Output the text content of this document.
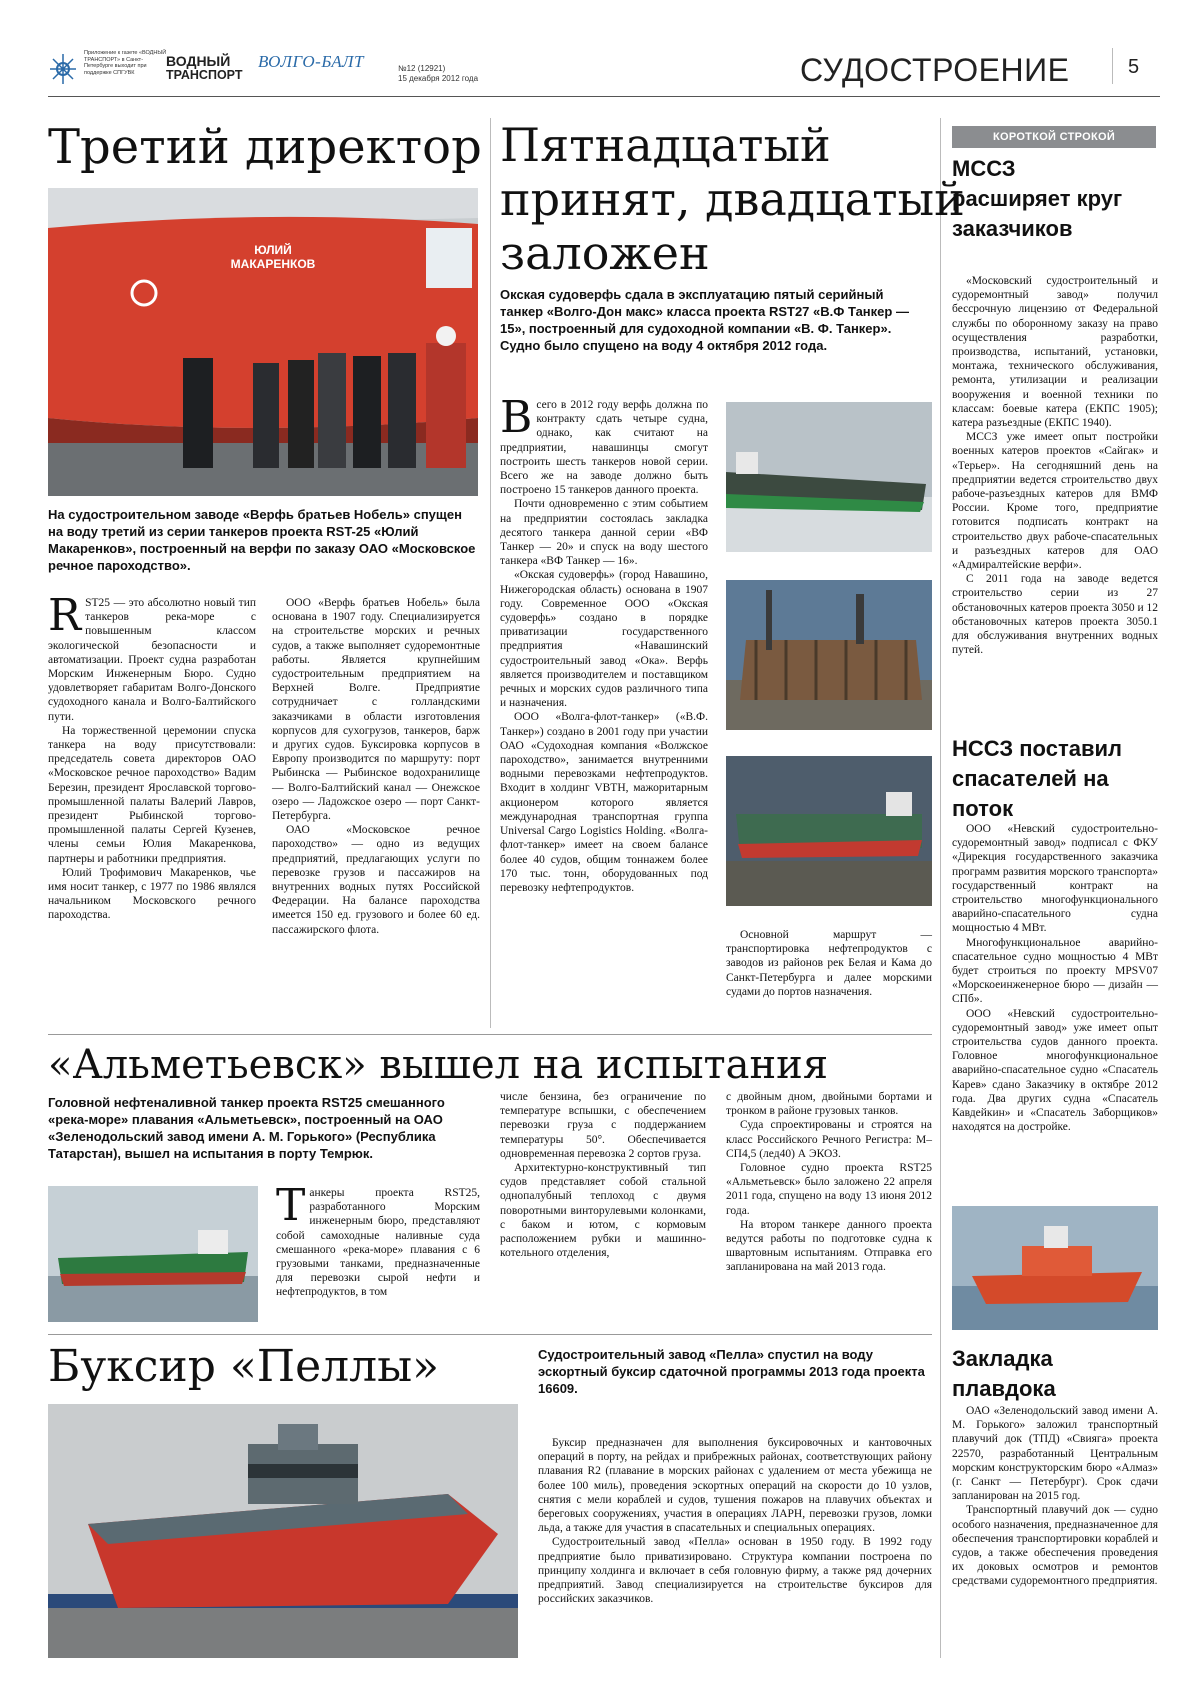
Приложение к газете «ВОДНЫЙ ТРАНСПОРТ» в Санкт-Петербурге выходит при поддержке СПГУВК
ВОДНЫЙ
ТРАНСПОРТ
ВОЛГО-БАЛТ	№12 (12921)
15 декабря 2012 года	СУДОСТРОЕНИЕ	5
Третий директор
ЮЛИЙ МАКАРЕНКОВ
На судостроительном заводе «Верфь братьев Нобель» спущен на воду третий из серии танкеров проекта RST-25 «Юлий Макаренков», построенный на верфи по заказу ОАО «Московское речное пароходство».

RST25 — это абсолютно новый тип танкеров река-море с повышенным классом экологической безопасности и автоматизации. Проект судна разработан Морским Инженерным Бюро. Судно удовлетворяет габаритам Волго-Донского судоходного канала и Волго-Балтийского пути.

На торжественной церемонии спуска танкера на воду присутствовали: председатель совета директоров ОАО «Московское речное пароходство» Вадим Березин, президент Ярославской торгово-промышленной палаты Валерий Лавров, президент Рыбинской торгово-промышленной палаты Сергей Кузенев, члены семьи Юлия Макаренкова, партнеры и работники предприятия.

Юлий Трофимович Макаренков, чье имя носит танкер, с 1977 по 1986 являлся начальником Московского речного пароходства.

ООО «Верфь братьев Нобель» была основана в 1907 году. Специализируется на строительстве морских и речных судов, а также выполняет судоремонтные работы. Является крупнейшим судостроительным предприятием на Верхней Волге. Предприятие сотрудничает с голландскими заказчиками в области изготовления корпусов для сухогрузов, танкеров, барж и других судов. Буксировка корпусов в Европу производится по маршруту: порт Рыбинска — Рыбинское водохранилище — Волго-Балтийский канал — Онежское озеро — Ладожское озеро — порт Санкт-Петербурга.

ОАО «Московское речное пароходство» — одно из ведущих предприятий, предлагающих услуги по перевозке грузов и пассажиров на внутренних водных путях Российской Федерации. На балансе пароходства имеется 150 ед. грузового и более 60 ед. пассажирского флота.

Пятнадцатый
принят, двадцатый
заложен
Окская судоверфь сдала в эксплуатацию пятый серийный танкер «Волго-Дон макс» класса проекта RST27 «В.Ф Танкер — 15», построенный для судоходной компании «В. Ф. Танкер». Судно было спущено на воду 4 октября 2012 года.

Всего в 2012 году верфь должна по контракту сдать четыре судна, однако, как считают на предприятии, навашинцы смогут построить шесть танкеров новой серии. Всего же на заводе должно быть построено 15 танкеров данного проекта.

Почти одновременно с этим событием на предприятии состоялась закладка десятого танкера данной серии «ВФ Танкер — 20» и спуск на воду шестого танкера «ВФ Танкер — 16».

«Окская судоверфь» (город Навашино, Нижегородская область) основана в 1907 году. Современное ООО «Окская судоверфь» создано в порядке приватизации государственного предприятия «Навашинский судостроительный завод «Ока». Верфь является производителем и поставщиком речных и морских судов различного типа и назначения.

ООО «Волга-флот-танкер» («В.Ф. Танкер») создано в 2001 году при участии ОАО «Судоходная компания «Волжское пароходство», занимается внутренними водными перевозками нефтепродуктов. Входит в холдинг VBTH, мажоритарным акционером которого является международная транспортная группа Universal Cargo Logistics Holding. «Волга-флот-танкер» имеет на своем балансе более 40 судов, общим тоннажем более 170 тыс. тонн, оборудованных под перевозку нефтепродуктов.

Основной маршрут — транспортировка нефтепродуктов с заводов из районов рек Белая и Кама до Санкт-Петербурга и далее морскими судами до портов назначения.

КОРОТКОЙ СТРОКОЙ
МССЗ расширяет круг заказчиков

«Московский судостроительный и судоремонтный завод» получил бессрочную лицензию от Федеральной службы по оборонному заказу на право осуществления разработки, производства, испытаний, установки, монтажа, технического обслуживания, ремонта, утилизации и реализации вооружения и военной техники по классам: боевые катера (ЕКПС 1905); катера разъездные (ЕКПС 1940).

МССЗ уже имеет опыт постройки военных катеров проектов «Сайгак» и «Терьер». На сегодняшний день на предприятии ведется строительство двух рабоче-разъездных катеров для ВМФ России. Кроме того, предприятие готовится подписать контракт на строительство двух рабоче-спасательных и разъездных катеров для ОАО «Адмиралтейские верфи».

С 2011 года на заводе ведется строительство серии из 27 обстановочных катеров проекта 3050 и 12 обстановочных катеров проекта 3050.1 для обслуживания внутренних водных путей.

НССЗ поставил спасателей на поток

ООО «Невский судостроительно-судоремонтный завод» подписал с ФКУ «Дирекция государственного заказчика программ развития морского транспорта» государственный контракт на строительство многофункционального аварийно-спасательного судна мощностью 4 МВт.

Многофункциональное аварийно-спасательное судно мощностью 4 МВт будет строиться по проекту MPSV07 «Морскоеинженерное бюро — дизайн — СПб».

ООО «Невский судостроительно-судоремонтный завод» уже имеет опыт строительства судов данного проекта. Головное многофункциональное аварийно-спасательное судно «Спасатель Карев» сдано Заказчику в октябре 2012 года. Два других судна «Спасатель Кавдейкин» и «Спасатель Заборщиков» находятся на достройке.

Закладка плавдока

ОАО «Зеленодольский завод имени А. М. Горького» заложил транспортный плавучий док (ТПД) «Свияга» проекта 22570, разработанный Центральным морским конструкторским бюро «Алмаз» (г. Санкт — Петербург). Срок сдачи запланирован на 2015 год.

Транспортный плавучий док — судно особого назначения, предназначенное для обеспечения транспортировки кораблей и судов, а также обеспечения проведения их доковых осмотров и ремонтов средствами судоремонтного предприятия.

«Альметьевск» вышел на испытания
Головной нефтеналивной танкер проекта RST25 смешанного «река-море» плавания «Альметьевск», построенный на ОАО «Зеленодольский завод имени А. М. Горького» (Республика Татарстан), вышел на испытания в порту Темрюк.

Танкеры проекта RST25, разработанного Морским инженерным бюро, представляют собой самоходные наливные суда смешанного «река-море» плавания с 6 грузовыми танками, предназначенные для перевозки сырой нефти и нефтепродуктов, в том

числе бензина, без ограничение по температуре вспышки, с обеспечением перевозки груза с поддержанием температуры 50°. Обеспечивается одновременная перевозка 2 сортов груза.

Архитектурно-конструктивный тип судов представляет собой стальной однопалубный теплоход с двумя поворотными винторулевыми колонками, с баком и ютом, с кормовым расположением рубки и машинно-котельного отделения,

с двойным дном, двойными бортами и тронком в районе грузовых танков.

Суда спроектированы и строятся на класс Российского Речного Регистра: М–СП4,5 (лед40) А ЭКОЗ.

Головное судно проекта RST25 «Альметьевск» было заложено 22 апреля 2011 года, спущено на воду 13 июня 2012 года.

На втором танкере данного проекта ведутся работы по подготовке судна к швартовным испытаниям. Отправка его запланирована на май 2013 года.

Буксир «Пеллы»	Судостроительный завод «Пелла» спустил на воду эскортный буксир сдаточной программы 2013 года проекта 16609.

Буксир предназначен для выполнения буксировочных и кантовочных операций в порту, на рейдах и прибрежных районах, соответствующих району плавания R2 (плавание в морских районах с удалением от места убежища не более 100 миль), проведения эскортных операций на скорости до 10 узлов, снятия с мели кораблей и судов, тушения пожаров на плавучих объектах и береговых сооружениях, участия в операциях ЛАРН, перевозки грузов, ломки льда, а также для участия в спасательных и специальных операциях.

Судостроительный завод «Пелла» основан в 1950 году. В 1992 году предприятие было приватизировано. Структура компании построена по принципу холдинга и включает в себя головную фирму, а также ряд дочерних предприятий. Завод специализируется на строительстве буксиров для российских заказчиков.
